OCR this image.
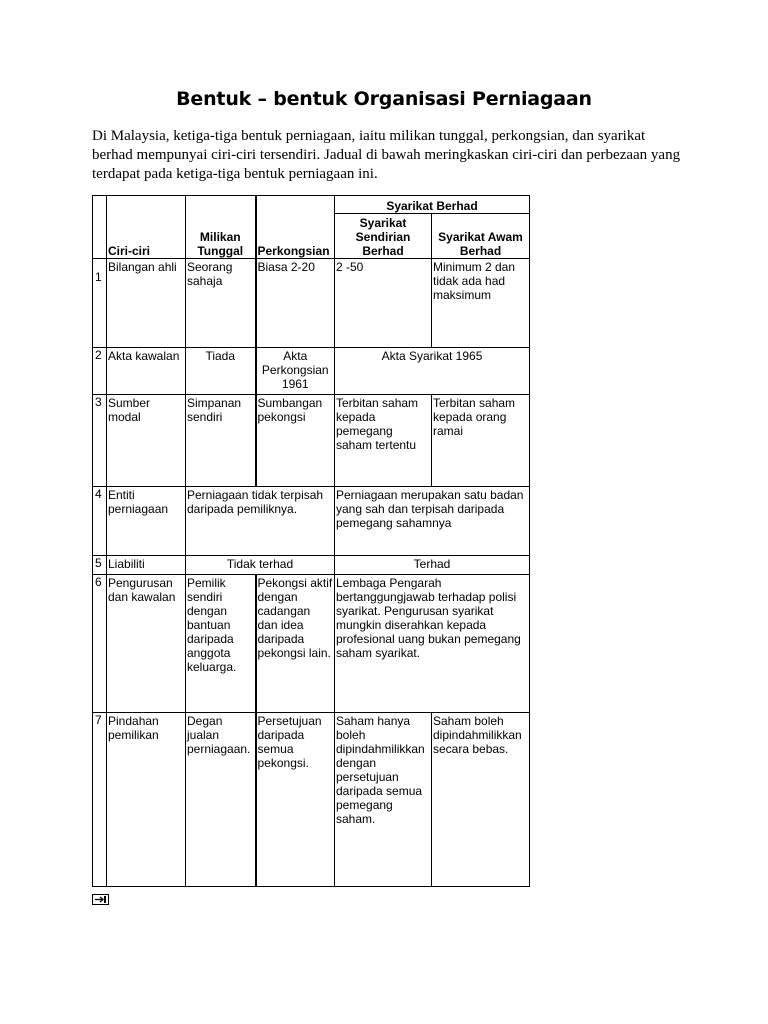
Bentuk – bentuk Organisasi Perniagaan
Di Malaysia, ketiga-tiga bentuk perniagaan, iaitu milikan tunggal, perkongsian, dan syarikat berhad mempunyai ciri-ciri tersendiri. Jadual di bawah meringkaskan ciri-ciri dan perbezaan yang terdapat pada ketiga-tiga bentuk perniagaan ini.
	Ciri-ciri	Milikan Tunggal	Perkongsian	Syarikat Berhad	
				Syarikat Sendirian Berhad	Syarikat Awam Berhad
1	Bilangan ahli	Seorang sahaja	Biasa 2-20	2 -50	Minimum 2 dan tidak ada had maksimum
2	Akta kawalan	Tiada	Akta Perkongsian 1961	Akta Syarikat 1965	
3	Sumber modal	Simpanan sendiri	Sumbangan pekongsi	Terbitan saham kepada pemegang saham tertentu	Terbitan saham kepada orang ramai
4	Entiti perniagaan	Perniagaan tidak terpisah daripada pemiliknya.		Perniagaan merupakan satu badan yang sah dan terpisah daripada pemegang sahamnya	
5	Liabiliti	Tidak terhad		Terhad	
6	Pengurusan dan kawalan	Pemilik sendiri dengan bantuan daripada anggota keluarga.	Pekongsi aktif dengan cadangan dan idea daripada pekongsi lain.	Lembaga Pengarah bertanggungjawab terhadap polisi syarikat. Pengurusan syarikat mungkin diserahkan kepada profesional uang bukan pemegang saham syarikat.	
7	Pindahan pemilikan	Degan jualan perniagaan.	Persetujuan daripada semua pekongsi.	Saham hanya boleh dipindahmilikkan dengan persetujuan daripada semua pemegang saham.	Saham boleh dipindahmilikkan secara bebas.
